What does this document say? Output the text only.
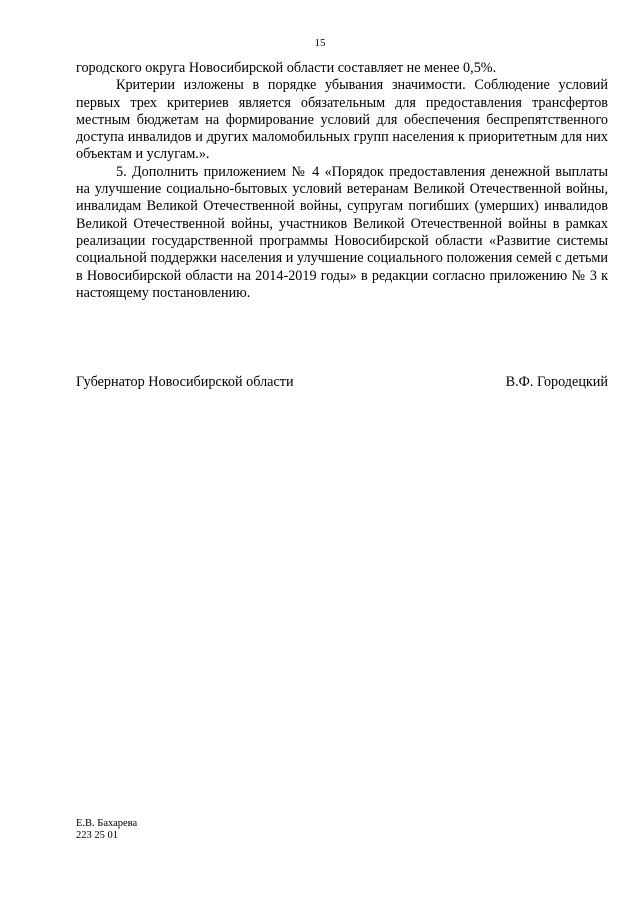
15

городского округа Новосибирской области составляет не менее 0,5%.

Критерии изложены в порядке убывания значимости. Соблюдение условий первых трех критериев является обязательным для предоставления трансфертов местным бюджетам на формирование условий для обеспечения беспрепятственного доступа инвалидов и других маломобильных групп населения к приоритетным для них объектам и услугам.».

5. Дополнить приложением № 4 «Порядок предоставления денежной выплаты на улучшение социально-бытовых условий ветеранам Великой Отечественной войны, инвалидам Великой Отечественной войны, супругам погибших (умерших) инвалидов Великой Отечественной войны, участников Великой Отечественной войны в рамках реализации государственной программы Новосибирской области «Развитие системы социальной поддержки населения и улучшение социального положения семей с детьми в Новосибирской области на 2014-2019 годы» в редакции согласно приложению № 3 к настоящему постановлению.

Губернатор Новосибирской области	В.Ф. Городецкий
Е.В. Бахарева
223 25 01
